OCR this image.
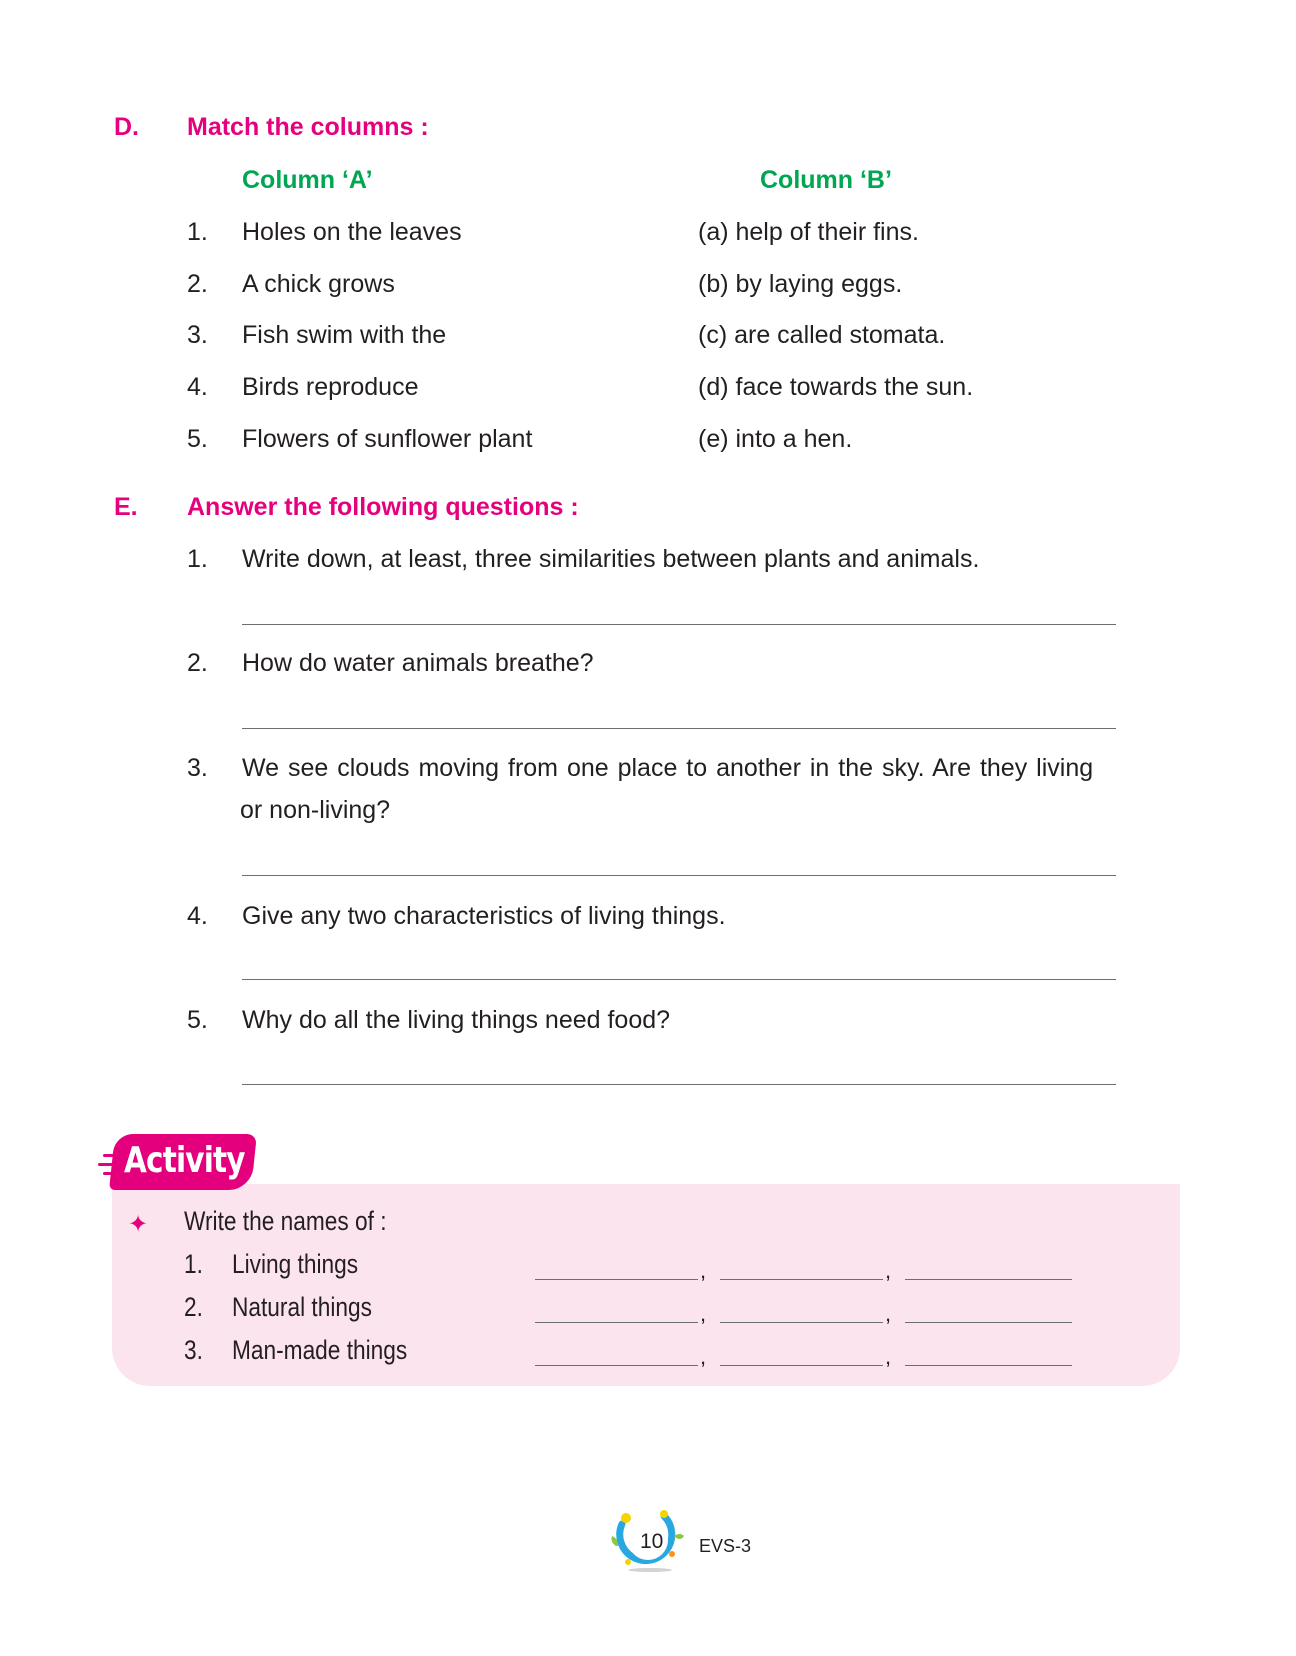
D. Match the columns :
Column ‘A’	Column ‘B’
1. Holes on the leaves	(a) help of their fins.
2. A chick grows	(b) by laying eggs.
3. Fish swim with the	(c) are called stomata.
4. Birds reproduce	(d) face towards the sun.
5. Flowers of sunflower plant	(e) into a hen.
E. Answer the following questions :
1. Write down, at least, three similarities between plants and animals.
2. How do water animals breathe?
3. We see clouds moving from one place to another in the sky. Are they living
or non-living?
4. Give any two characteristics of living things.
5. Why do all the living things need food?
Activity
✦ Write the names of :
1. Living things	,	,
2. Natural things	,	,
3. Man-made things	,	,
10 EVS-3
